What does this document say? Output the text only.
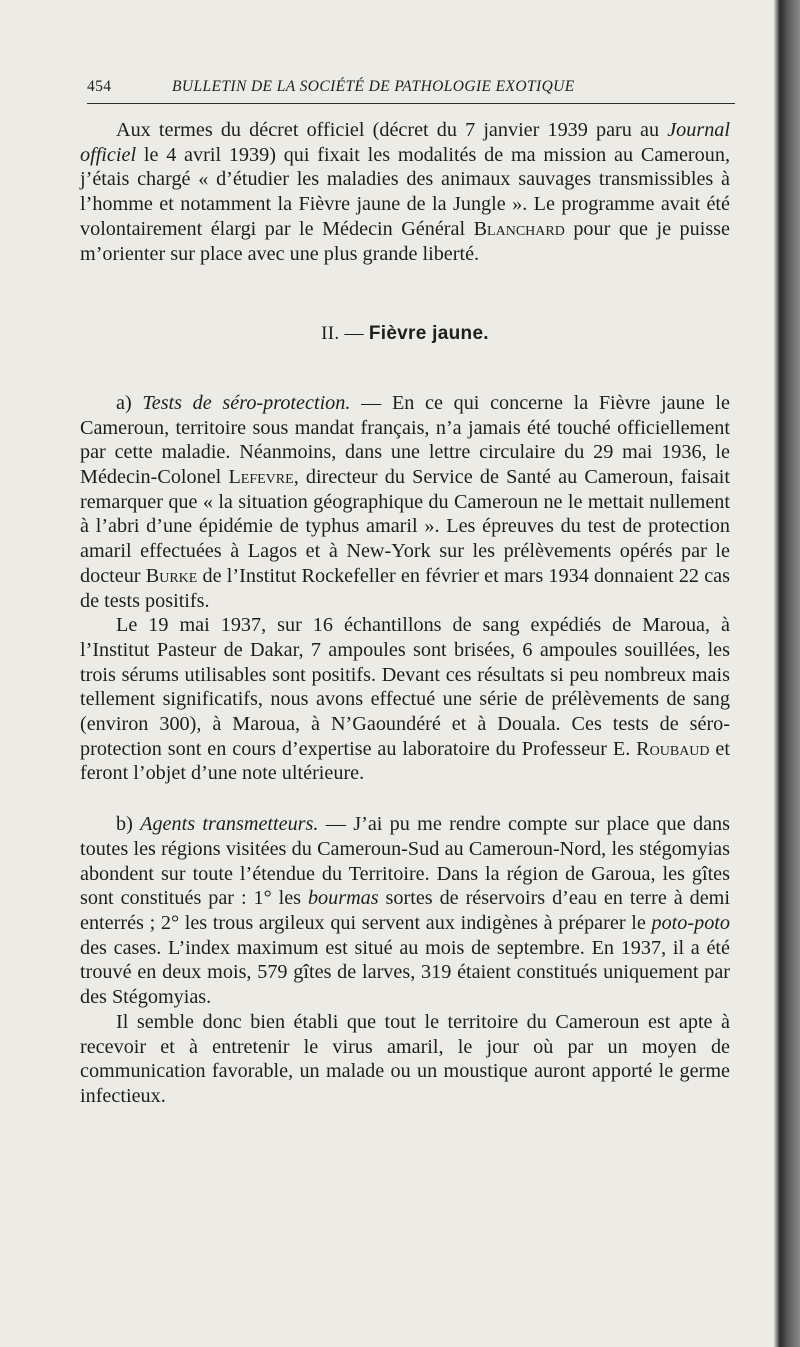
454	BULLETIN DE LA SOCIÉTÉ DE PATHOLOGIE EXOTIQUE

Aux termes du décret officiel (décret du 7 janvier 1939 paru au Journal officiel le 4 avril 1939) qui fixait les modalités de ma mission au Cameroun, j’étais chargé « d’étudier les maladies des animaux sauvages transmissibles à l’homme et notamment la Fièvre jaune de la Jungle ». Le programme avait été volontairement élargi par le Médecin Général Blanchard pour que je puisse m’orienter sur place avec une plus grande liberté.

II. — Fièvre jaune.

a) Tests de séro-protection. — En ce qui concerne la Fièvre jaune le Cameroun, territoire sous mandat français, n’a jamais été touché officiellement par cette maladie. Néanmoins, dans une lettre circulaire du 29 mai 1936, le Médecin-Colonel Lefevre, directeur du Service de Santé au Cameroun, faisait remarquer que « la situation géographique du Cameroun ne le mettait nullement à l’abri d’une épidémie de typhus amaril ». Les épreuves du test de protection amaril effectuées à Lagos et à New-York sur les prélèvements opérés par le docteur Burke de l’Institut Rockefeller en février et mars 1934 donnaient 22 cas de tests positifs.

Le 19 mai 1937, sur 16 échantillons de sang expédiés de Maroua, à l’Institut Pasteur de Dakar, 7 ampoules sont brisées, 6 ampoules souillées, les trois sérums utilisables sont positifs. Devant ces résultats si peu nombreux mais tellement significatifs, nous avons effectué une série de prélèvements de sang (environ 300), à Maroua, à N’Gaoundéré et à Douala. Ces tests de séro-protection sont en cours d’expertise au laboratoire du Professeur E. Roubaud et feront l’objet d’une note ultérieure.

b) Agents transmetteurs. — J’ai pu me rendre compte sur place que dans toutes les régions visitées du Cameroun-Sud au Cameroun-Nord, les stégomyias abondent sur toute l’étendue du Territoire. Dans la région de Garoua, les gîtes sont constitués par : 1° les bourmas sortes de réservoirs d’eau en terre à demi enterrés ; 2° les trous argileux qui servent aux indigènes à préparer le poto-poto des cases. L’index maximum est situé au mois de septembre. En 1937, il a été trouvé en deux mois, 579 gîtes de larves, 319 étaient constitués uniquement par des Stégomyias.

Il semble donc bien établi que tout le territoire du Cameroun est apte à recevoir et à entretenir le virus amaril, le jour où par un moyen de communication favorable, un malade ou un moustique auront apporté le germe infectieux.
